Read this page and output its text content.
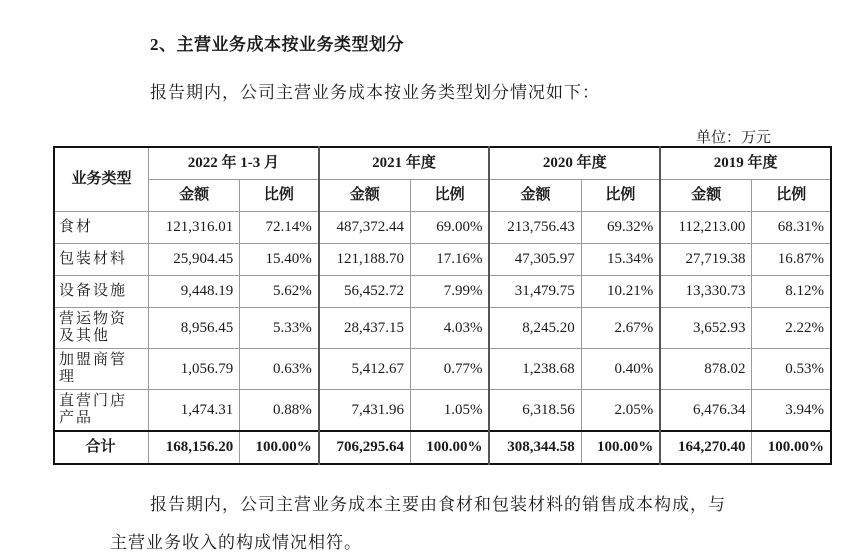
2、主营业务成本按业务类型划分
报告期内，公司主营业务成本按业务类型划分情况如下：
单位：万元
业务类型	2022 年 1-3 月		2021 年度		2020 年度		2019 年度	
	金额	比例	金额	比例	金额	比例	金额	比例
食材	121,316.01	72.14%	487,372.44	69.00%	213,756.43	69.32%	112,213.00	68.31%
包装材料	25,904.45	15.40%	121,188.70	17.16%	47,305.97	15.34%	27,719.38	16.87%
设备设施	9,448.19	5.62%	56,452.72	7.99%	31,479.75	10.21%	13,330.73	8.12%
营运物资及其他	8,956.45	5.33%	28,437.15	4.03%	8,245.20	2.67%	3,652.93	2.22%
加盟商管理	1,056.79	0.63%	5,412.67	0.77%	1,238.68	0.40%	878.02	0.53%
直营门店产品	1,474.31	0.88%	7,431.96	1.05%	6,318.56	2.05%	6,476.34	3.94%
合计	168,156.20	100.00%	706,295.64	100.00%	308,344.58	100.00%	164,270.40	100.00%
报告期内，公司主营业务成本主要由食材和包装材料的销售成本构成，与
主营业务收入的构成情况相符。
